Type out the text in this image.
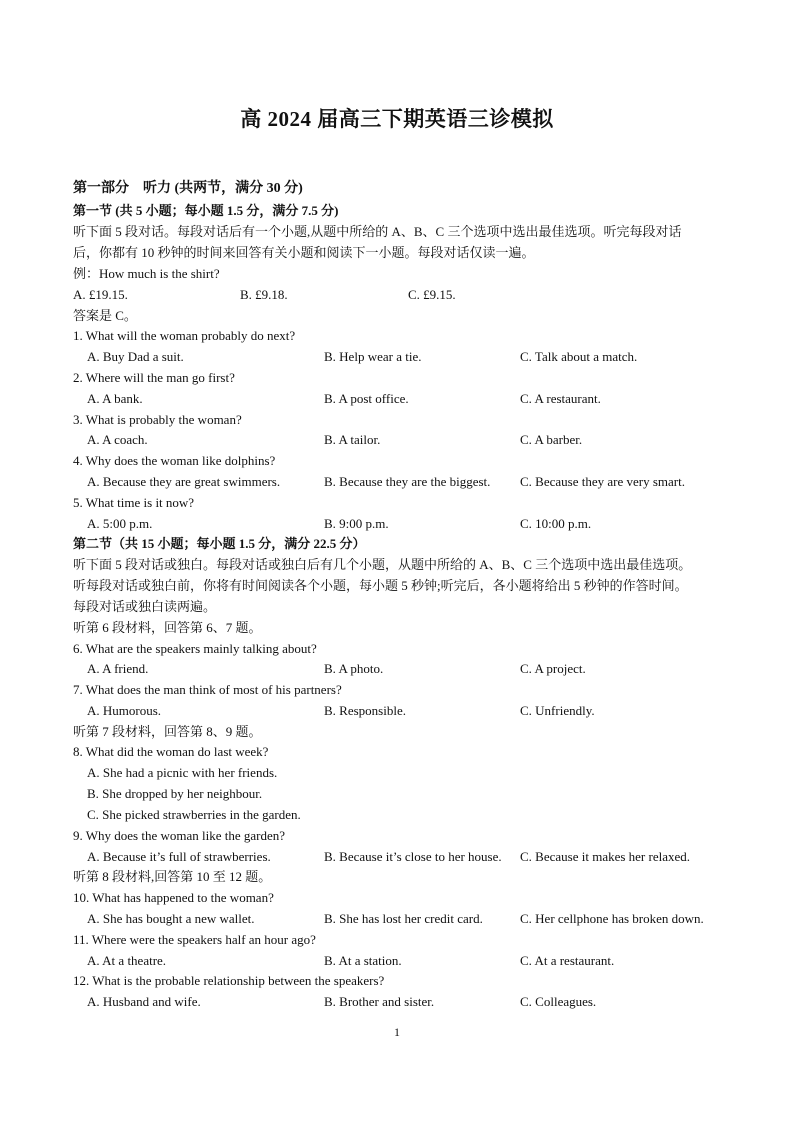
高 2024 届高三下期英语三诊模拟
第一部分　听力 (共两节，满分 30 分)
第一节 (共 5 小题；每小题 1.5 分，满分 7.5 分)
听下面 5 段对话。每段对话后有一个小题,从题中所给的 A、B、C 三个选项中选出最佳选项。听完每段对话
后，你都有 10 秒钟的时间来回答有关小题和阅读下一小题。每段对话仅读一遍。
例：How much is the shirt?
A. £19.15.	B. £9.18.	C. £9.15.
答案是 C。
1. What will the woman probably do next?
A. Buy Dad a suit.	B. Help wear a tie.	C. Talk about a match.
2. Where will the man go first?
A. A bank.	B. A post office.	C. A restaurant.
3. What is probably the woman?
A. A coach.	B. A tailor.	C. A barber.
4. Why does the woman like dolphins?
A. Because they are great swimmers.	B. Because they are the biggest. C. Because they are very smart.
5. What time is it now?
A. 5:00 p.m.	B. 9:00 p.m.	C. 10:00 p.m.
第二节（共 15 小题；每小题 1.5 分，满分 22.5 分）
听下面 5 段对话或独白。每段对话或独白后有几个小题，从题中所给的 A、B、C 三个选项中选出最佳选项。
听每段对话或独白前，你将有时间阅读各个小题，每小题 5 秒钟;听完后，各小题将给出 5 秒钟的作答时间。
每段对话或独白读两遍。
听第 6 段材料，回答第 6、7 题。
6. What are the speakers mainly talking about?
A. A friend.	B. A photo.	C. A project.
7. What does the man think of most of his partners?
A. Humorous.	B. Responsible.	C. Unfriendly.
听第 7 段材料，回答第 8、9 题。
8. What did the woman do last week?
A. She had a picnic with her friends.
B. She dropped by her neighbour.
C. She picked strawberries in the garden.
9. Why does the woman like the garden?
A. Because it’s full of strawberries.	B. Because it’s close to her house. C. Because it makes her relaxed.
听第 8 段材料,回答第 10 至 12 题。
10. What has happened to the woman?
A. She has bought a new wallet.	B. She has lost her credit card.	C. Her cellphone has broken down.
11. Where were the speakers half an hour ago?
A. At a theatre.	B. At a station.	C. At a restaurant.
12. What is the probable relationship between the speakers?
A. Husband and wife.	B. Brother and sister.	C. Colleagues.
1
